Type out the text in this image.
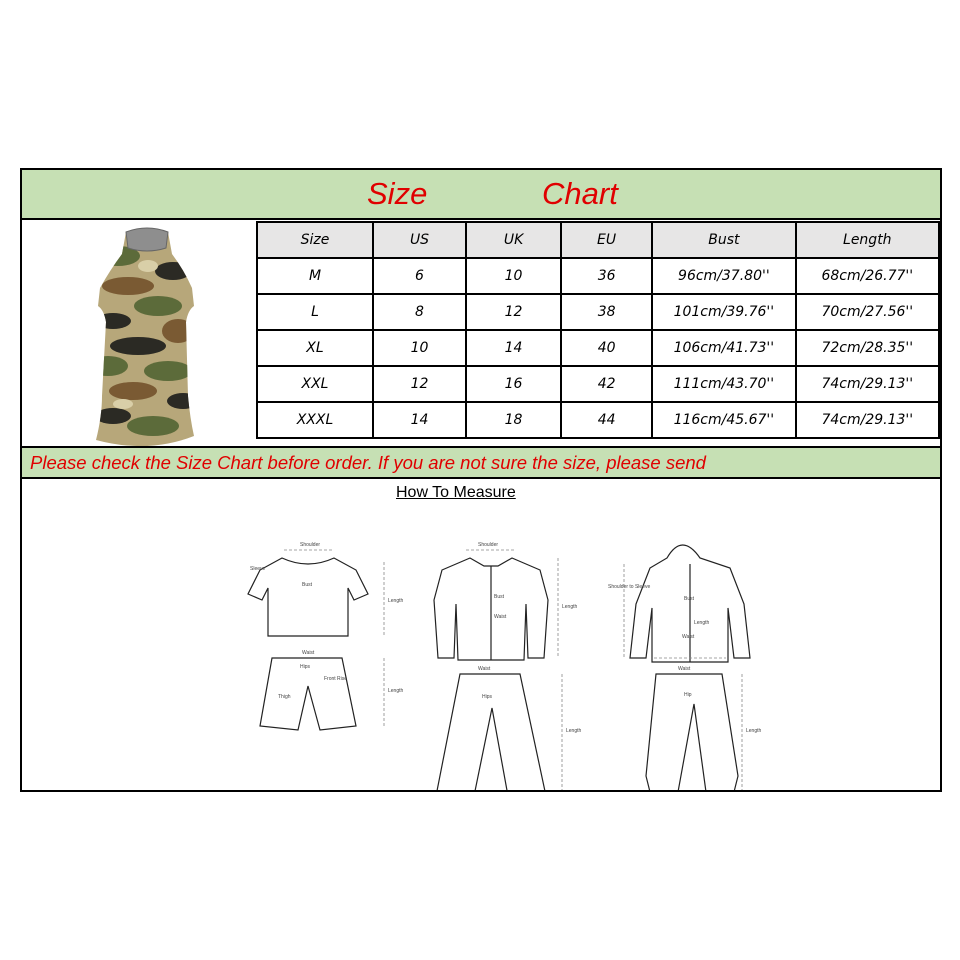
Size	Chart
Size	US	UK	EU	Bust	Length
M	6	10	36	96cm/37.80''	68cm/26.77''
L	8	12	38	101cm/39.76''	70cm/27.56''
XL	10	14	40	106cm/41.73''	72cm/28.35''
XXL	12	16	42	111cm/43.70''	74cm/29.13''
XXXL	14	18	44	116cm/45.67''	74cm/29.13''
Please check the Size Chart before order. If you are not sure the size, please send
How To Measure
Shoulder
Sleeve
Bust
Length
Waist
Hips
Front Rise
Thigh
Length
Shoulder
Bust
Waist
Length
Waist
Hips
Length
Shoulder to Sleeve
Bust
Length
Waist
Waist
Hip
Length
